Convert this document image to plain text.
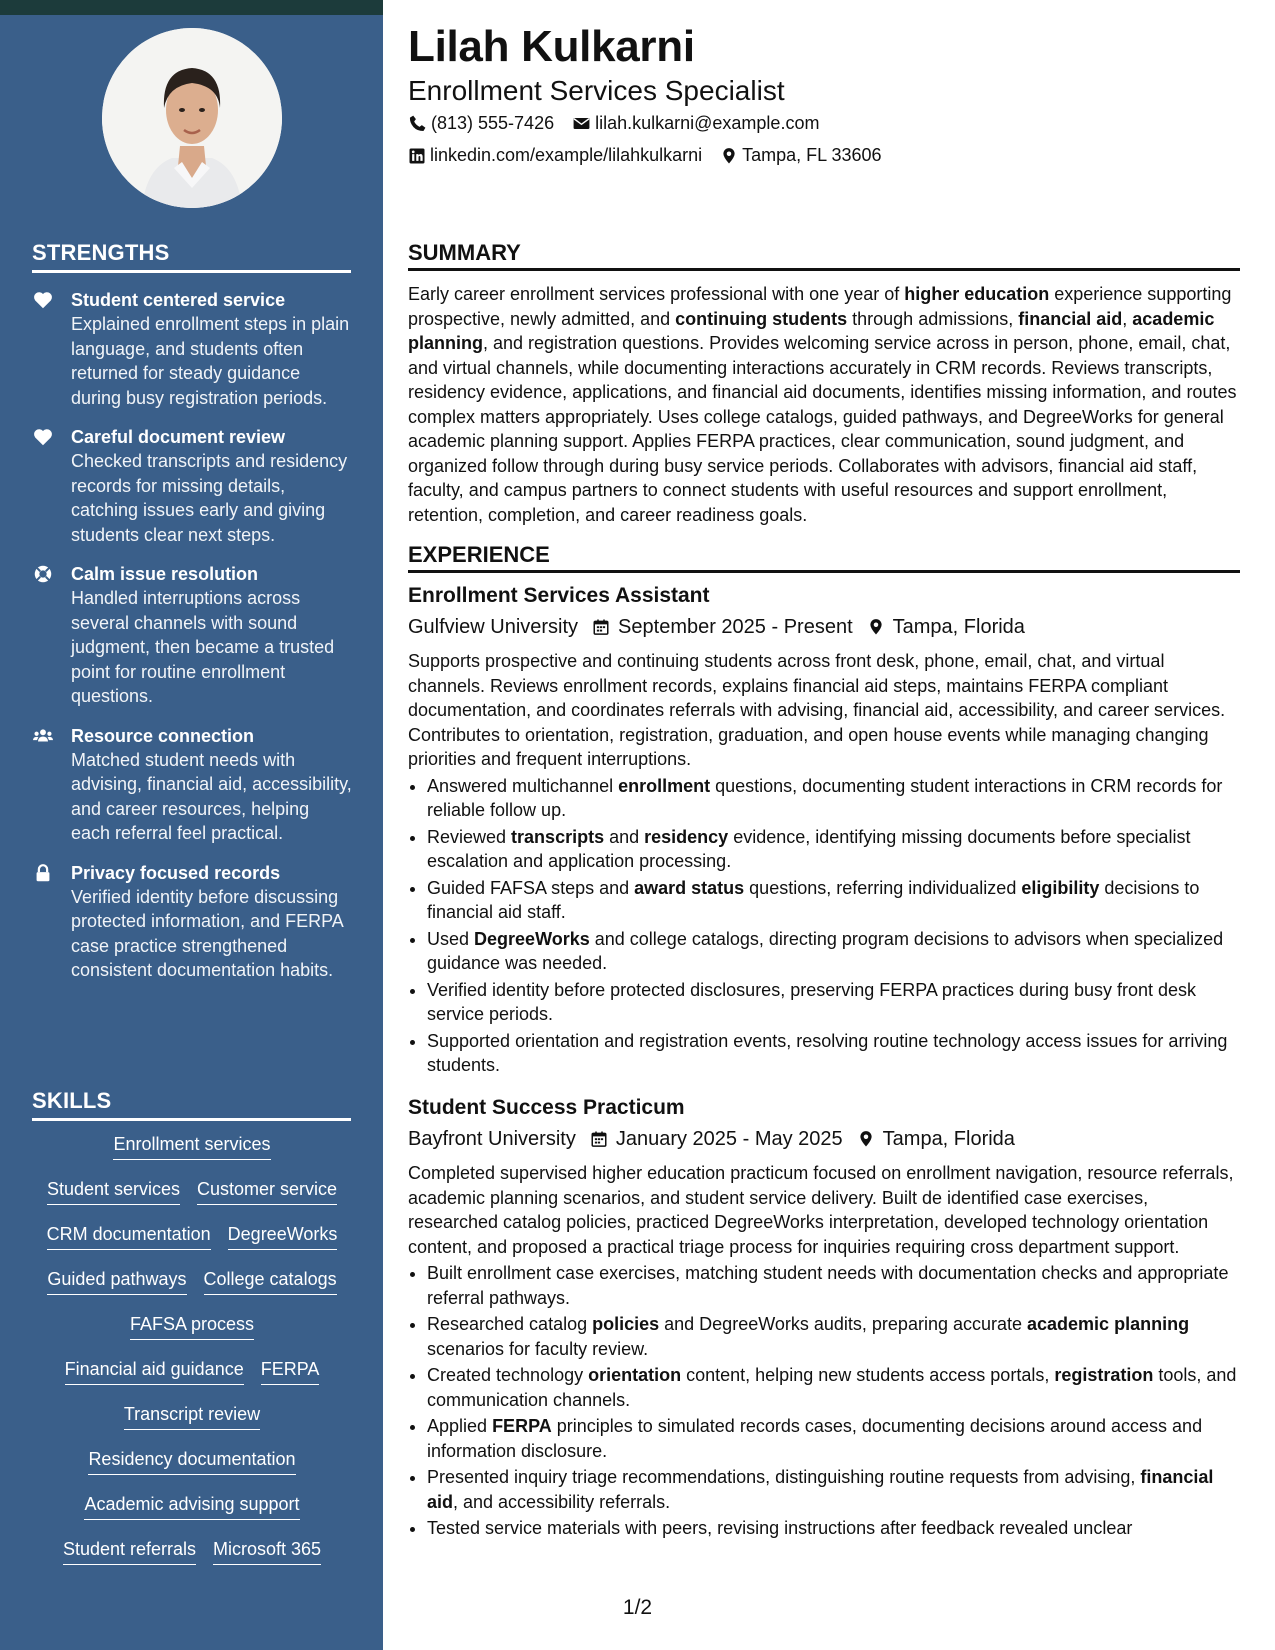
STRENGTHS
Student centered service
Explained enrollment steps in plain language, and students often returned for steady guidance during busy registration periods.
Careful document review
Checked transcripts and residency records for missing details, catching issues early and giving students clear next steps.
Calm issue resolution
Handled interruptions across several channels with sound judgment, then became a trusted point for routine enrollment questions.
Resource connection
Matched student needs with advising, financial aid, accessibility, and career resources, helping each referral feel practical.
Privacy focused records
Verified identity before discussing protected information, and FERPA case practice strengthened consistent documentation habits.
SKILLS
Enrollment services
Student services Customer service
CRM documentation DegreeWorks
Guided pathways College catalogs
FAFSA process
Financial aid guidance FERPA
Transcript review
Residency documentation
Academic advising support
Student referrals Microsoft 365
Lilah Kulkarni
Enrollment Services Specialist
(813) 555-7426 lilah.kulkarni@example.com
linkedin.com/example/lilahkulkarni Tampa, FL 33606
SUMMARY
Early career enrollment services professional with one year of higher education experience supporting prospective, newly admitted, and continuing students through admissions, financial aid, academic planning, and registration questions. Provides welcoming service across in person, phone, email, chat, and virtual channels, while documenting interactions accurately in CRM records. Reviews transcripts, residency evidence, applications, and financial aid documents, identifies missing information, and routes complex matters appropriately. Uses college catalogs, guided pathways, and DegreeWorks for general academic planning support. Applies FERPA practices, clear communication, sound judgment, and organized follow through during busy service periods. Collaborates with advisors, financial aid staff, faculty, and campus partners to connect students with useful resources and support enrollment, retention, completion, and career readiness goals.
EXPERIENCE
Enrollment Services Assistant
Gulfview University September 2025 - Present Tampa, Florida
Supports prospective and continuing students across front desk, phone, email, chat, and virtual channels. Reviews enrollment records, explains financial aid steps, maintains FERPA compliant documentation, and coordinates referrals with advising, financial aid, accessibility, and career services. Contributes to orientation, registration, graduation, and open house events while managing changing priorities and frequent interruptions.
• Answered multichannel enrollment questions, documenting student interactions in CRM records for reliable follow up.
• Reviewed transcripts and residency evidence, identifying missing documents before specialist escalation and application processing.
• Guided FAFSA steps and award status questions, referring individualized eligibility decisions to financial aid staff.
• Used DegreeWorks and college catalogs, directing program decisions to advisors when specialized guidance was needed.
• Verified identity before protected disclosures, preserving FERPA practices during busy front desk service periods.
• Supported orientation and registration events, resolving routine technology access issues for arriving students.
Student Success Practicum
Bayfront University January 2025 - May 2025 Tampa, Florida
Completed supervised higher education practicum focused on enrollment navigation, resource referrals, academic planning scenarios, and student service delivery. Built de identified case exercises, researched catalog policies, practiced DegreeWorks interpretation, developed technology orientation content, and proposed a practical triage process for inquiries requiring cross department support.
• Built enrollment case exercises, matching student needs with documentation checks and appropriate referral pathways.
• Researched catalog policies and DegreeWorks audits, preparing accurate academic planning scenarios for faculty review.
• Created technology orientation content, helping new students access portals, registration tools, and communication channels.
• Applied FERPA principles to simulated records cases, documenting decisions around access and information disclosure.
• Presented inquiry triage recommendations, distinguishing routine requests from advising, financial aid, and accessibility referrals.
• Tested service materials with peers, revising instructions after feedback revealed unclear
1/2
